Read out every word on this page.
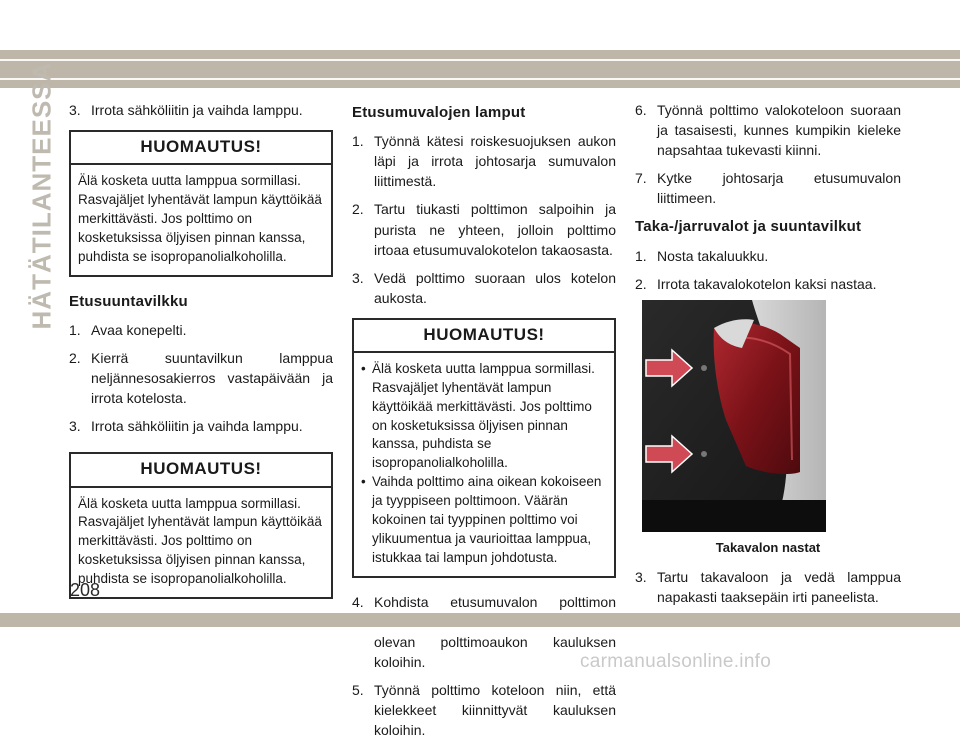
HÄTÄTILANTEESSA 3. Irrota sähköliitin ja vaihda lamppu.
HUOMAUTUS!

Älä kosketa uutta lamppua sormillasi. Rasvajäljet lyhentävät lampun käyttöikää merkittävästi. Jos polttimo on kosketuksissa öljyisen pinnan kanssa, puhdista se isopropanolialkoholilla.

Etusuuntavilkku
1. Avaa konepelti.
2. Kierrä suuntavilkun lamppua neljännesosakierros vastapäivään ja irrota kotelosta.
3. Irrota sähköliitin ja vaihda lamppu.
HUOMAUTUS!

Älä kosketa uutta lamppua sormillasi. Rasvajäljet lyhentävät lampun käyttöikää merkittävästi. Jos polttimo on kosketuksissa öljyisen pinnan kanssa, puhdista se isopropanolialkoholilla.

Etusumuvalojen lamput
1. Työnnä kätesi roiskesuojuksen aukon läpi ja irrota johtosarja sumuvalon liittimestä.
2. Tartu tiukasti polttimon salpoihin ja purista ne yhteen, jolloin polttimo irtoaa etusumuvalokotelon takaosasta.
3. Vedä polttimo suoraan ulos kotelon aukosta.
HUOMAUTUS!

• Älä kosketa uutta lamppua sormillasi. Rasvajäljet lyhentävät lampun käyttöikää merkittävästi. Jos polttimo on kosketuksissa öljyisen pinnan kanssa, puhdista se isopropanolialkoholilla.

• Vaihda polttimo aina oikean kokoiseen ja tyyppiseen polttimoon. Väärän kokoinen tai tyyppinen polttimo voi ylikuumentua ja vaurioittaa lamppua, istukkaa tai lampun johdotusta.

4. Kohdista etusumuvalon polttimon olevan polttimoaukon kauluksen koloihin.
5. Työnnä polttimo koteloon niin, että kielekkeet kiinnittyvät kauluksen koloihin.
6. Työnnä polttimo valokoteloon suoraan ja tasaisesti, kunnes kumpikin kieleke napsahtaa tukevasti kiinni.
7. Kytke johtosarja etusumuvalon liittimeen.
Taka-/jarruvalot ja suuntavilkut
1. Nosta takaluukku.
2. Irrota takavalokotelon kaksi nastaa.
Takavalon nastat
3. Tartu takavaloon ja vedä lamppua napakasti taaksepäin irti paneelista.
208
carmanualsonline.info
